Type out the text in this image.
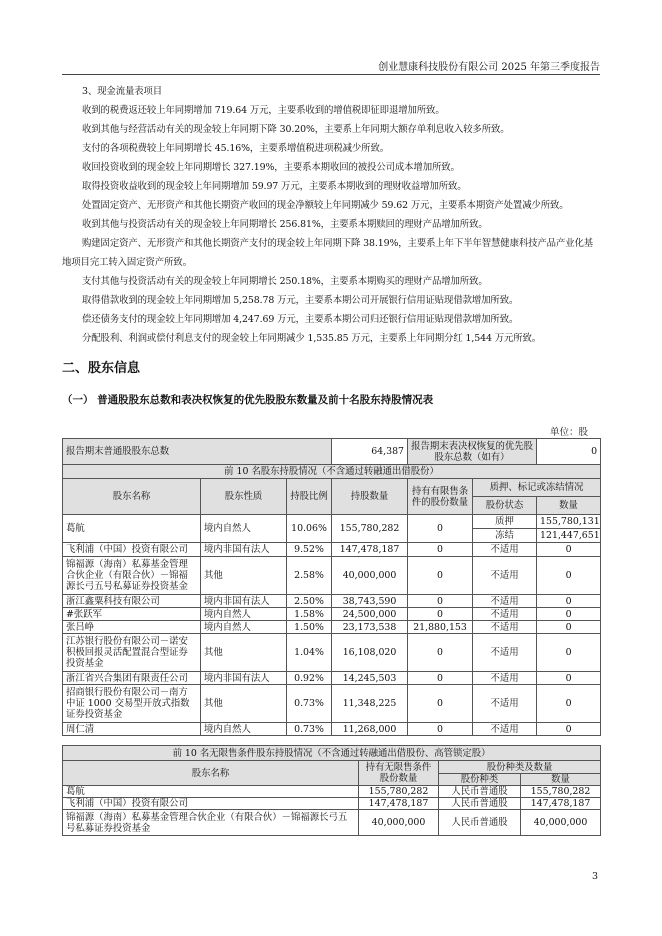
创业慧康科技股份有限公司 2025 年第三季度报告

3、现金流量表项目

收到的税费返还较上年同期增加 719.64 万元，主要系收到的增值税即征即退增加所致。

收到其他与经营活动有关的现金较上年同期下降 30.20%，主要系上年同期大额存单利息收入较多所致。

支付的各项税费较上年同期增长 45.16%，主要系增值税进项税减少所致。

收回投资收到的现金较上年同期增长 327.19%，主要系本期收回的被投公司成本增加所致。

取得投资收益收到的现金较上年同期增加 59.97 万元，主要系本期收到的理财收益增加所致。

处置固定资产、无形资产和其他长期资产收回的现金净额较上年同期减少 59.62 万元，主要系本期资产处置减少所致。

收到其他与投资活动有关的现金较上年同期增长 256.81%，主要系本期赎回的理财产品增加所致。

购建固定资产、无形资产和其他长期资产支付的现金较上年同期下降 38.19%，主要系上年下半年智慧健康科技产品产业化基地项目完工转入固定资产所致。

支付其他与投资活动有关的现金较上年同期增长 250.18%，主要系本期购买的理财产品增加所致。

取得借款收到的现金较上年同期增加 5,258.78 万元，主要系本期公司开展银行信用证贴现借款增加所致。

偿还债务支付的现金较上年同期增加 4,247.69 万元，主要系本期公司归还银行信用证贴现借款增加所致。

分配股利、利润或偿付利息支付的现金较上年同期减少 1,535.85 万元，主要系上年同期分红 1,544 万元所致。

二、股东信息
（一） 普通股股东总数和表决权恢复的优先股股东数量及前十名股东持股情况表
单位：股
报告期末普通股股东总数			64,387	报告期末表决权恢复的优先股股东总数（如有）		0
前 10 名股东持股情况（不含通过转融通出借股份）						
股东名称	股东性质	持股比例	持股数量	持有有限售条件的股份数量	质押、标记或冻结情况	
					股份状态	数量
葛航	境内自然人	10.06%	155,780,282	0	质押	155,780,131
					冻结	121,447,651
飞利浦（中国）投资有限公司	境内非国有法人	9.52%	147,478,187	0	不适用	0
锦福源（海南）私募基金管理合伙企业（有限合伙）－锦福源长弓五号私募证券投资基金	其他	2.58%	40,000,000	0	不适用	0
浙江鑫粟科技有限公司	境内非国有法人	2.50%	38,743,590	0	不适用	0
#张跃军	境内自然人	1.58%	24,500,000	0	不适用	0
张吕峥	境内自然人	1.50%	23,173,538	21,880,153	不适用	0
江苏银行股份有限公司－诺安积极回报灵活配置混合型证券投资基金	其他	1.04%	16,108,020	0	不适用	0
浙江省兴合集团有限责任公司	境内非国有法人	0.92%	14,245,503	0	不适用	0
招商银行股份有限公司－南方中证 1000 交易型开放式指数证券投资基金	其他	0.73%	11,348,225	0	不适用	0
周仁清	境内自然人	0.73%	11,268,000	0	不适用	0
前 10 名无限售条件股东持股情况（不含通过转融通出借股份、高管锁定股）			
股东名称	持有无限售条件股份数量	股份种类及数量	
		股份种类	数量
葛航	155,780,282	人民币普通股	155,780,282
飞利浦（中国）投资有限公司	147,478,187	人民币普通股	147,478,187
锦福源（海南）私募基金管理合伙企业（有限合伙）－锦福源长弓五号私募证券投资基金	40,000,000	人民币普通股	40,000,000
3
